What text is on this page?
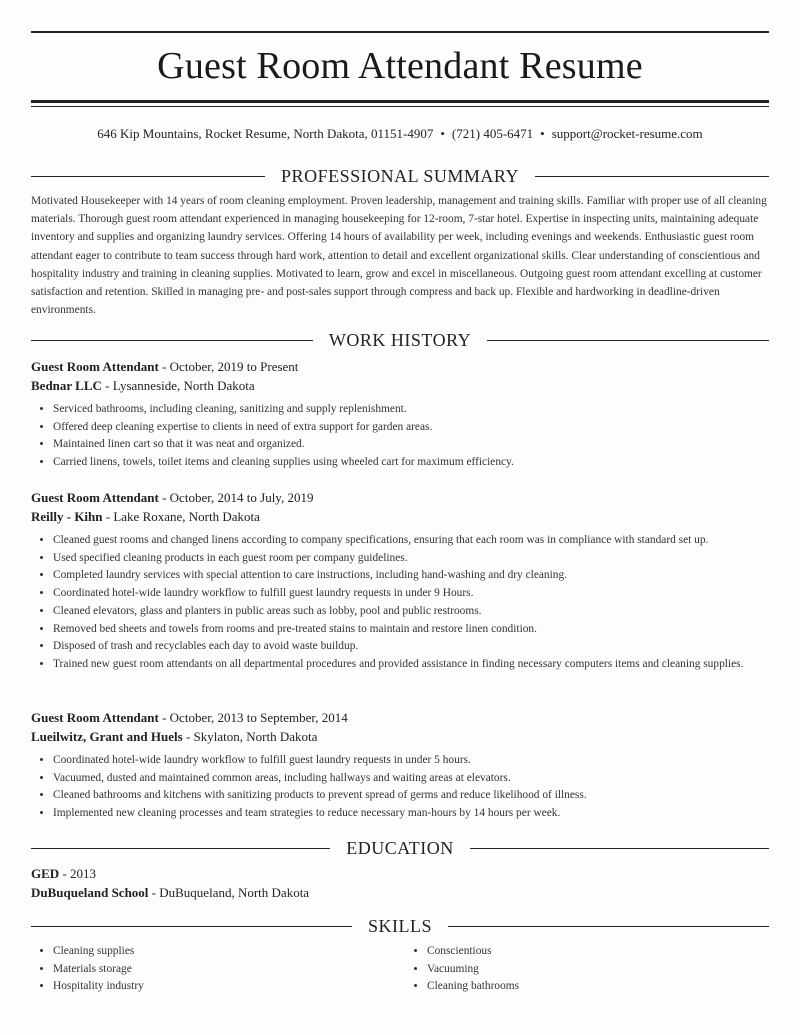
Guest Room Attendant Resume
646 Kip Mountains, Rocket Resume, North Dakota, 01151-4907 • (721) 405-6471 • support@rocket-resume.com
PROFESSIONAL SUMMARY

Motivated Housekeeper with 14 years of room cleaning employment. Proven leadership, management and training skills. Familiar with proper use of all cleaning materials. Thorough guest room attendant experienced in managing housekeeping for 12-room, 7-star hotel. Expertise in inspecting units, maintaining adequate inventory and supplies and organizing laundry services. Offering 14 hours of availability per week, including evenings and weekends. Enthusiastic guest room attendant eager to contribute to team success through hard work, attention to detail and excellent organizational skills. Clear understanding of conscientious and hospitality industry and training in cleaning supplies. Motivated to learn, grow and excel in miscellaneous. Outgoing guest room attendant excelling at customer satisfaction and retention. Skilled in managing pre- and post-sales support through compress and back up. Flexible and hardworking in deadline-driven environments.

WORK HISTORY
Guest Room Attendant - October, 2019 to Present
Bednar LLC - Lysanneside, North Dakota
• Serviced bathrooms, including cleaning, sanitizing and supply replenishment.
• Offered deep cleaning expertise to clients in need of extra support for garden areas.
• Maintained linen cart so that it was neat and organized.
• Carried linens, towels, toilet items and cleaning supplies using wheeled cart for maximum efficiency.
Guest Room Attendant - October, 2014 to July, 2019
Reilly - Kihn - Lake Roxane, North Dakota
• Cleaned guest rooms and changed linens according to company specifications, ensuring that each room was in compliance with standard set up.
• Used specified cleaning products in each guest room per company guidelines.
• Completed laundry services with special attention to care instructions, including hand-washing and dry cleaning.
• Coordinated hotel-wide laundry workflow to fulfill guest laundry requests in under 9 Hours.
• Cleaned elevators, glass and planters in public areas such as lobby, pool and public restrooms.
• Removed bed sheets and towels from rooms and pre-treated stains to maintain and restore linen condition.
• Disposed of trash and recyclables each day to avoid waste buildup.
• Trained new guest room attendants on all departmental procedures and provided assistance in finding necessary computers items and cleaning supplies.
Guest Room Attendant - October, 2013 to September, 2014
Lueilwitz, Grant and Huels - Skylaton, North Dakota
• Coordinated hotel-wide laundry workflow to fulfill guest laundry requests in under 5 hours.
• Vacuumed, dusted and maintained common areas, including hallways and waiting areas at elevators.
• Cleaned bathrooms and kitchens with sanitizing products to prevent spread of germs and reduce likelihood of illness.
• Implemented new cleaning processes and team strategies to reduce necessary man-hours by 14 hours per week.
EDUCATION
GED - 2013
DuBuqueland School - DuBuqueland, North Dakota
SKILLS
• Cleaning supplies
• Materials storage
• Hospitality industry
• Conscientious
• Vacuuming
• Cleaning bathrooms
